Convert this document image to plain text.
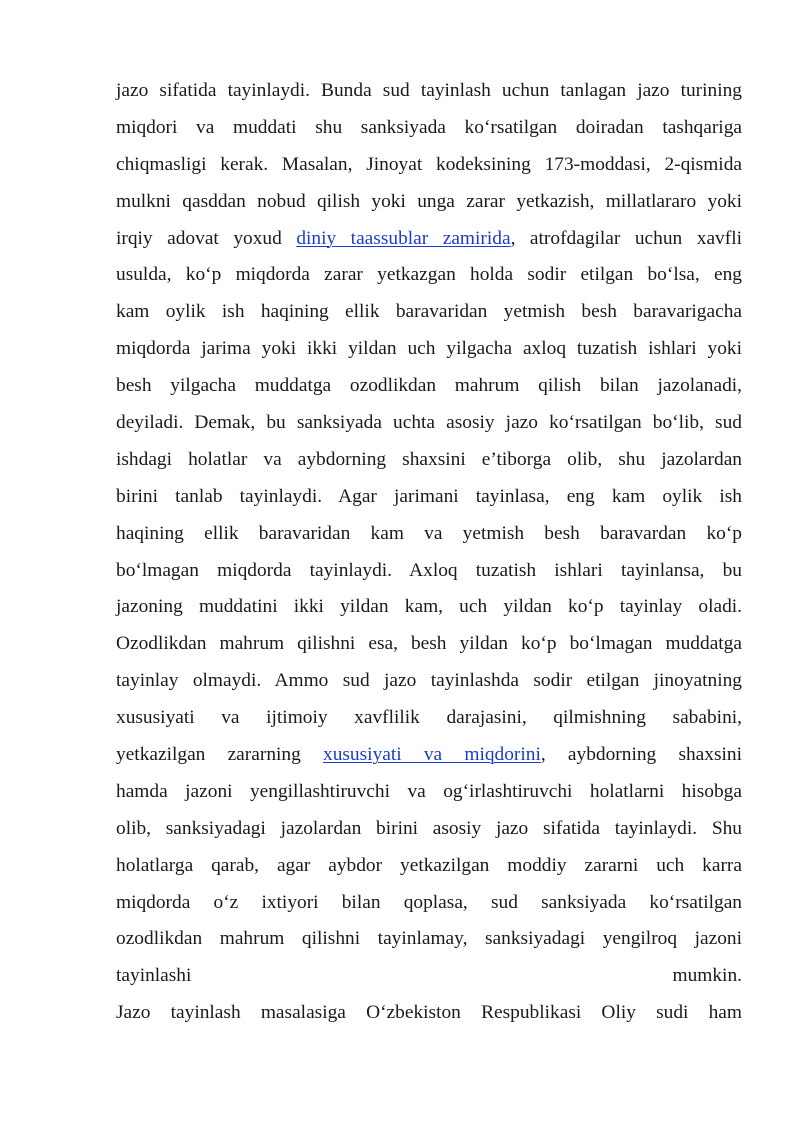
jazo sifatida tayinlaydi. Bunda sud tayinlash uchun tanlagan jazo turining
miqdori va muddati shu sanksiyada ko‘rsatilgan doiradan tashqariga
chiqmasligi kerak. Masalan, Jinoyat kodeksining 173-moddasi, 2-qismida
mulkni qasddan nobud qilish yoki unga zarar yetkazish, millatlararo yoki
irqiy adovat yoxud diniy taassublar zamirida, atrofdagilar uchun xavfli
usulda, ko‘p miqdorda zarar yetkazgan holda sodir etilgan bo‘lsa, eng
kam oylik ish haqining ellik baravaridan yetmish besh baravarigacha
miqdorda jarima yoki ikki yildan uch yilgacha axloq tuzatish ishlari yoki
besh yilgacha muddatga ozodlikdan mahrum qilish bilan jazolanadi,
deyiladi. Demak, bu sanksiyada uchta asosiy jazo ko‘rsatilgan bo‘lib, sud
ishdagi holatlar va aybdorning shaxsini e’tiborga olib, shu jazolardan
birini tanlab tayinlaydi. Agar jarimani tayinlasa, eng kam oylik ish
haqining ellik baravaridan kam va yetmish besh baravardan ko‘p
bo‘lmagan miqdorda tayinlaydi. Axloq tuzatish ishlari tayinlansa, bu
jazoning muddatini ikki yildan kam, uch yildan ko‘p tayinlay oladi.
Ozodlikdan mahrum qilishni esa, besh yildan ko‘p bo‘lmagan muddatga
tayinlay olmaydi. Ammo sud jazo tayinlashda sodir etilgan jinoyatning
xususiyati va ijtimoiy xavflilik darajasini, qilmishning sababini,
yetkazilgan zararning xususiyati va miqdorini, aybdorning shaxsini
hamda jazoni yengillashtiruvchi va og‘irlashtiruvchi holatlarni hisobga
olib, sanksiyadagi jazolardan birini asosiy jazo sifatida tayinlaydi. Shu
holatlarga qarab, agar aybdor yetkazilgan moddiy zararni uch karra
miqdorda o‘z ixtiyori bilan qoplasa, sud sanksiyada ko‘rsatilgan
ozodlikdan mahrum qilishni tayinlamay, sanksiyadagi yengilroq jazoni
tayinlashi	mumkin.
Jazo tayinlash masalasiga O‘zbekiston Respublikasi Oliy sudi ham
